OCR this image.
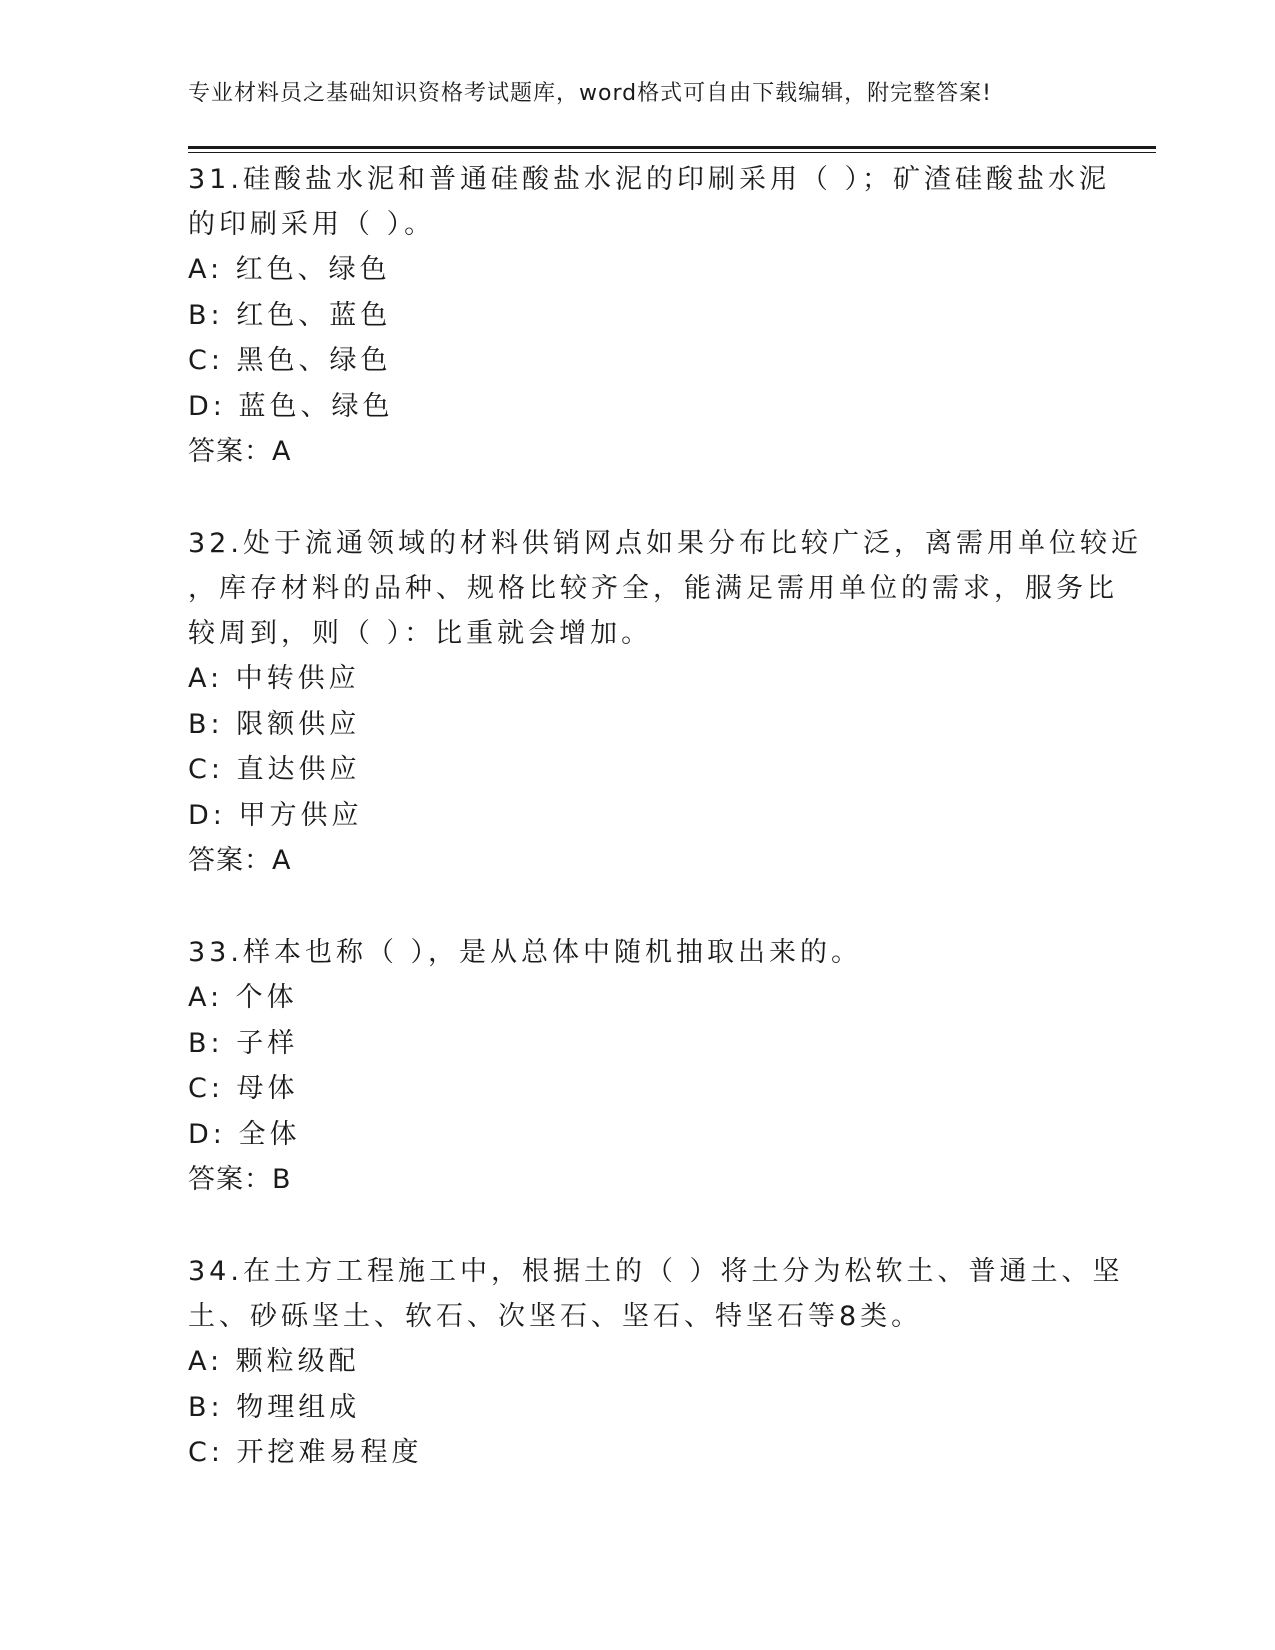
专业材料员之基础知识资格考试题库，word格式可自由下载编辑，附完整答案!
31.硅酸盐水泥和普通硅酸盐水泥的印刷采用（ ）；矿渣硅酸盐水泥
的印刷采用（ ）。
A: 红色、绿色
B: 红色、蓝色
C: 黑色、绿色
D: 蓝色、绿色
答案：A
32.处于流通领域的材料供销网点如果分布比较广泛，离需用单位较近
，库存材料的品种、规格比较齐全，能满足需用单位的需求，服务比
较周到，则（ ）：比重就会增加。
A: 中转供应
B: 限额供应
C: 直达供应
D: 甲方供应
答案：A
33.样本也称（ ），是从总体中随机抽取出来的。
A: 个体
B: 子样
C: 母体
D: 全体
答案：B
34.在土方工程施工中，根据土的（ ）将土分为松软土、普通土、坚
土、砂砾坚土、软石、次坚石、坚石、特坚石等8类。
A: 颗粒级配
B: 物理组成
C: 开挖难易程度
